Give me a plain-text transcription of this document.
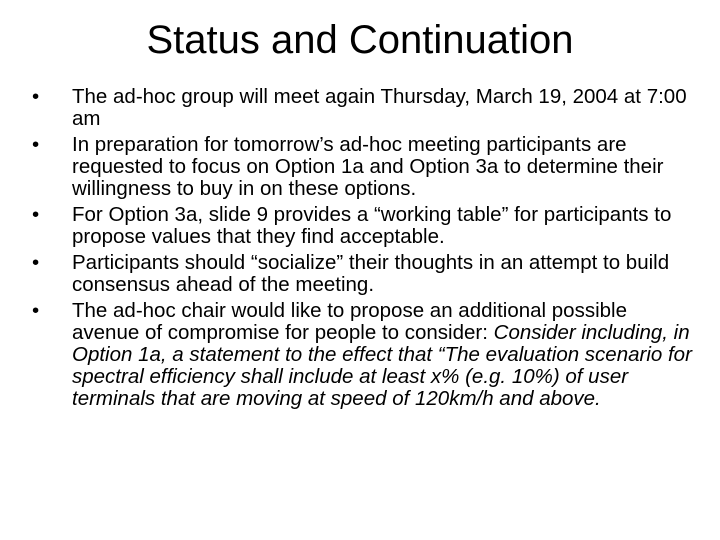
Status and Continuation
•	The ad-hoc group will meet again Thursday, March 19, 2004 at 7:00 am
•	In preparation for tomorrow’s ad-hoc meeting participants are requested to focus on Option 1a and Option 3a to determine their willingness to buy in on these options.
•	For Option 3a, slide 9 provides a “working table” for participants to propose values that they find acceptable.
•	Participants should “socialize” their thoughts in an attempt to build consensus ahead of the meeting.
•	The ad-hoc chair would like to propose an additional possible avenue of compromise for people to consider: Consider including, in Option 1a, a statement to the effect that “The evaluation scenario for spectral efficiency shall include at least x% (e.g. 10%) of user terminals that are moving at speed of 120km/h and above.
